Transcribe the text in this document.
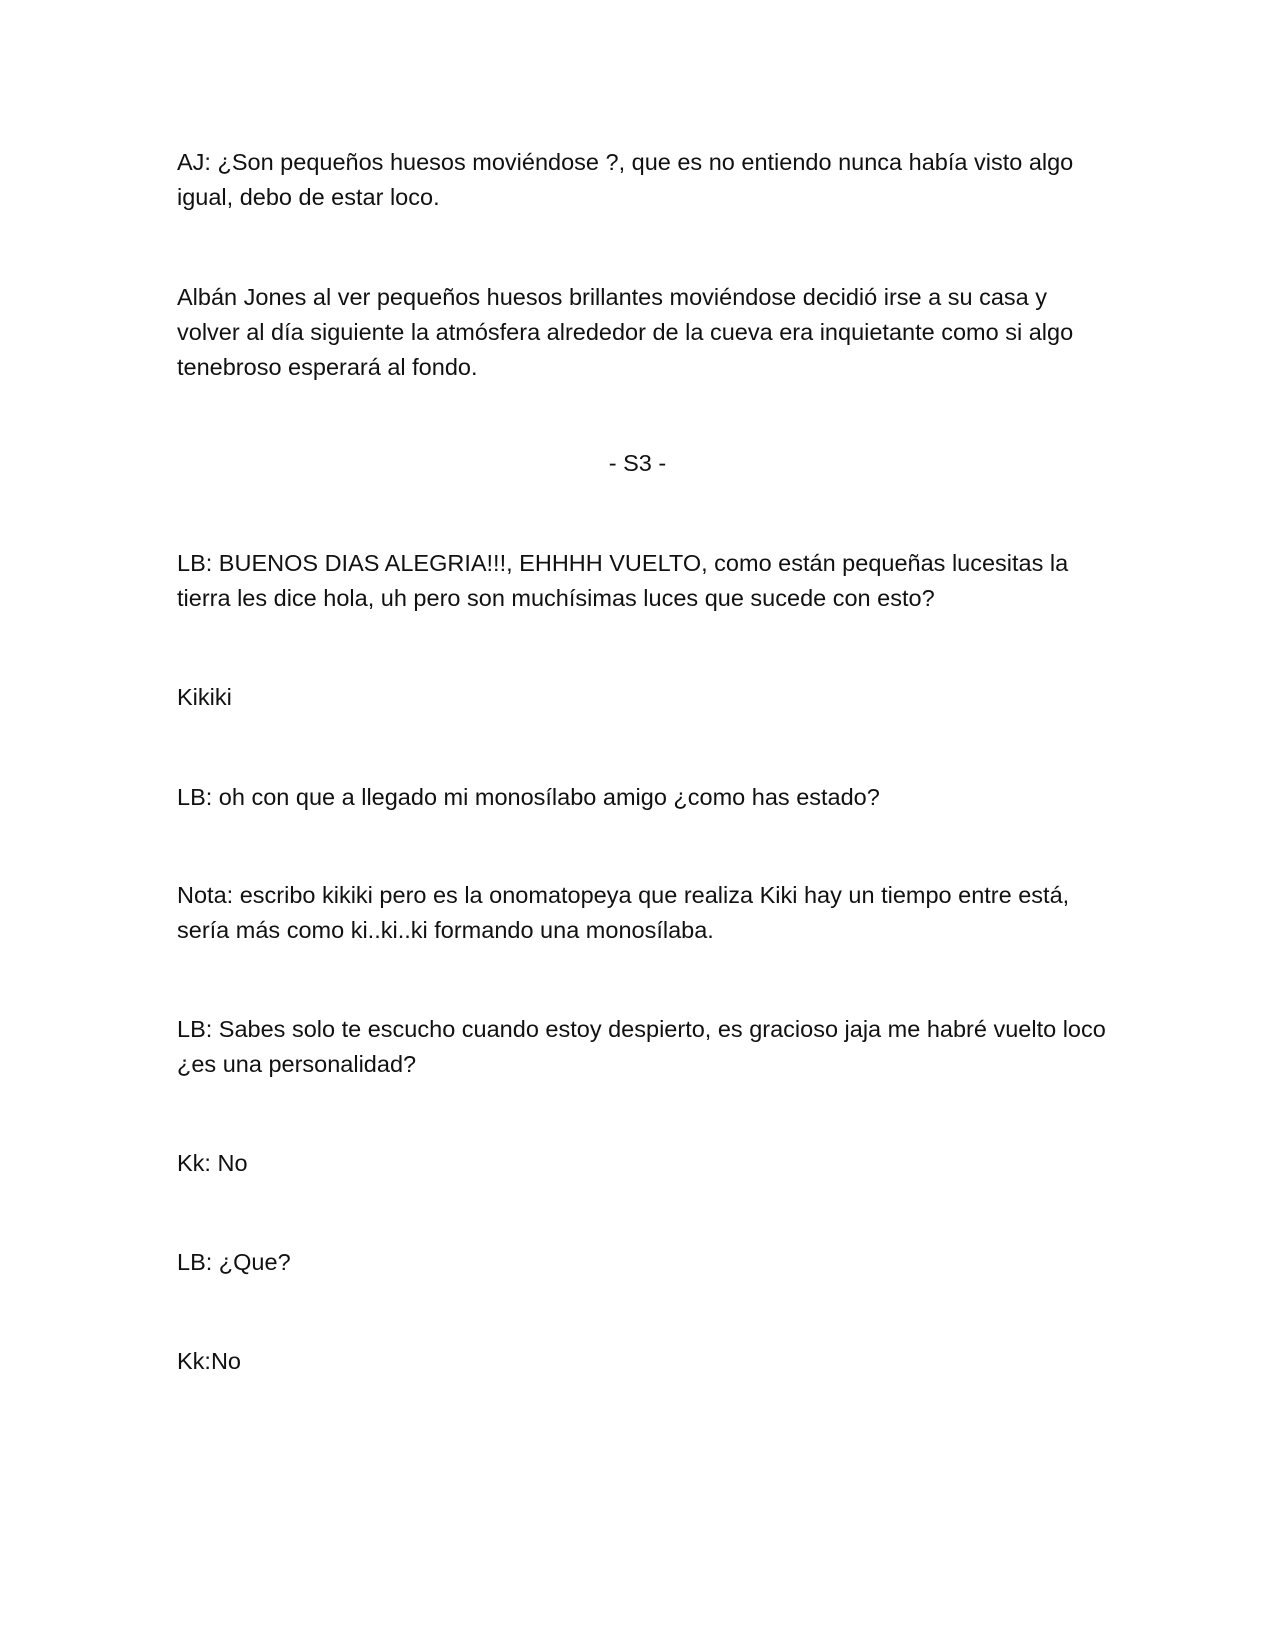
AJ: ¿Son pequeños huesos moviéndose ?, que es no entiendo nunca había visto algo igual, debo de estar loco.

Albán Jones al ver pequeños huesos brillantes moviéndose decidió irse a su casa y volver al día siguiente la atmósfera alrededor de la cueva era inquietante como si algo tenebroso esperará al fondo.

- S3 -

LB: BUENOS DIAS ALEGRIA!!!, EHHHH VUELTO, como están pequeñas lucesitas la tierra les dice hola, uh pero son muchísimas luces que sucede con esto?

Kikiki

LB: oh con que a llegado mi monosílabo amigo ¿como has estado?

Nota: escribo kikiki pero es la onomatopeya que realiza Kiki hay un tiempo entre está, sería más como ki..ki..ki formando una monosílaba.

LB: Sabes solo te escucho cuando estoy despierto, es gracioso jaja me habré vuelto loco ¿es una personalidad?

Kk: No

LB: ¿Que?

Kk:No
